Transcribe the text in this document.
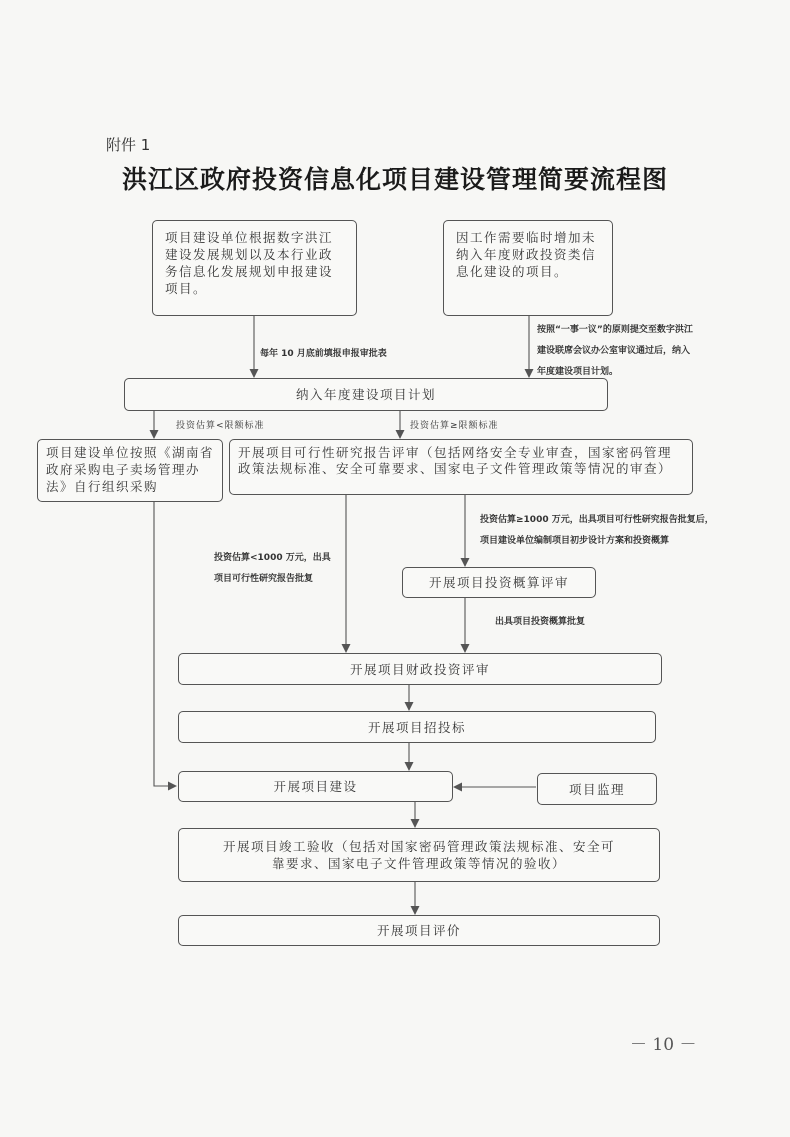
附件 1
洪江区政府投资信息化项目建设管理简要流程图
项目建设单位根据数字洪江建设发展规划以及本行业政务信息化发展规划申报建设项目。
因工作需要临时增加未纳入年度财政投资类信息化建设的项目。
每年 10 月底前填报申报审批表
按照“一事一议”的原则提交至数字洪江
建设联席会议办公室审议通过后，纳入
年度建设项目计划。
纳入年度建设项目计划
投资估算<限额标准	投资估算≥限额标准
项目建设单位按照《湖南省政府采购电子卖场管理办法》自行组织采购
开展项目可行性研究报告评审（包括网络安全专业审查，国家密码管理政策法规标准、安全可靠要求、国家电子文件管理政策等情况的审查）
投资估算≥1000 万元，出具项目可行性研究报告批复后，
项目建设单位编制项目初步设计方案和投资概算
投资估算<1000 万元，出具
项目可行性研究报告批复	开展项目投资概算评审
出具项目投资概算批复
开展项目财政投资评审
开展项目招投标
开展项目建设	项目监理
开展项目竣工验收（包括对国家密码管理政策法规标准、安全可靠要求、国家电子文件管理政策等情况的验收）
开展项目评价
－ 10 －
